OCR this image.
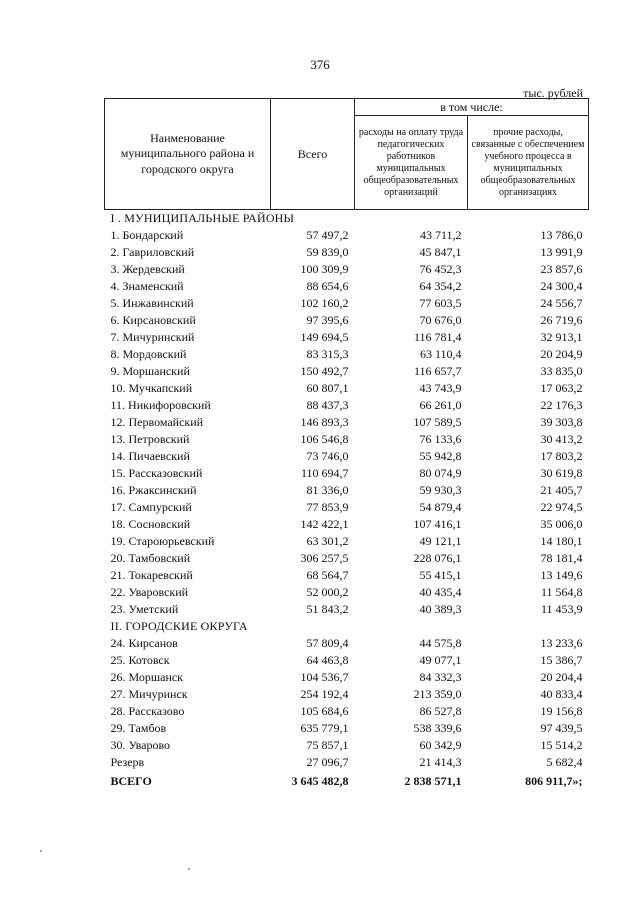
376
тыс. рублей
Наименование муниципального района и городского округа	Всего	в том числе:	
		расходы на оплату труда педагогических работников муниципальных общеобразовательных организаций	прочие расходы, связанные с обеспечением учебного процесса в муниципальных общеобразовательных организациях
I . МУНИЦИПАЛЬНЫЕ РАЙОНЫ			
1. Бондарский	57 497,2	43 711,2	13 786,0
2. Гавриловский	59 839,0	45 847,1	13 991,9
3. Жердевский	100 309,9	76 452,3	23 857,6
4. Знаменский	88 654,6	64 354,2	24 300,4
5. Инжавинский	102 160,2	77 603,5	24 556,7
6. Кирсановский	97 395,6	70 676,0	26 719,6
7. Мичуринский	149 694,5	116 781,4	32 913,1
8. Мордовский	83 315,3	63 110,4	20 204,9
9. Моршанский	150 492,7	116 657,7	33 835,0
10. Мучкапский	60 807,1	43 743,9	17 063,2
11. Никифоровский	88 437,3	66 261,0	22 176,3
12. Первомайский	146 893,3	107 589,5	39 303,8
13. Петровский	106 546,8	76 133,6	30 413,2
14. Пичаевский	73 746,0	55 942,8	17 803,2
15. Рассказовский	110 694,7	80 074,9	30 619,8
16. Ржаксинский	81 336,0	59 930,3	21 405,7
17. Сампурский	77 853,9	54 879,4	22 974,5
18. Сосновский	142 422,1	107 416,1	35 006,0
19. Староюрьевский	63 301,2	49 121,1	14 180,1
20. Тамбовский	306 257,5	228 076,1	78 181,4
21. Токаревский	68 564,7	55 415,1	13 149,6
22. Уваровский	52 000,2	40 435,4	11 564,8
23. Уметский	51 843,2	40 389,3	11 453,9
II. ГОРОДСКИЕ ОКРУГА			
24. Кирсанов	57 809,4	44 575,8	13 233,6
25. Котовск	64 463,8	49 077,1	15 386,7
26. Моршанск	104 536,7	84 332,3	20 204,4
27. Мичуринск	254 192,4	213 359,0	40 833,4
28. Рассказово	105 684,6	86 527,8	19 156,8
29. Тамбов	635 779,1	538 339,6	97 439,5
30. Уварово	75 857,1	60 342,9	15 514,2
Резерв	27 096,7	21 414,3	5 682,4
ВСЕГО	3 645 482,8	2 838 571,1	806 911,7»;
